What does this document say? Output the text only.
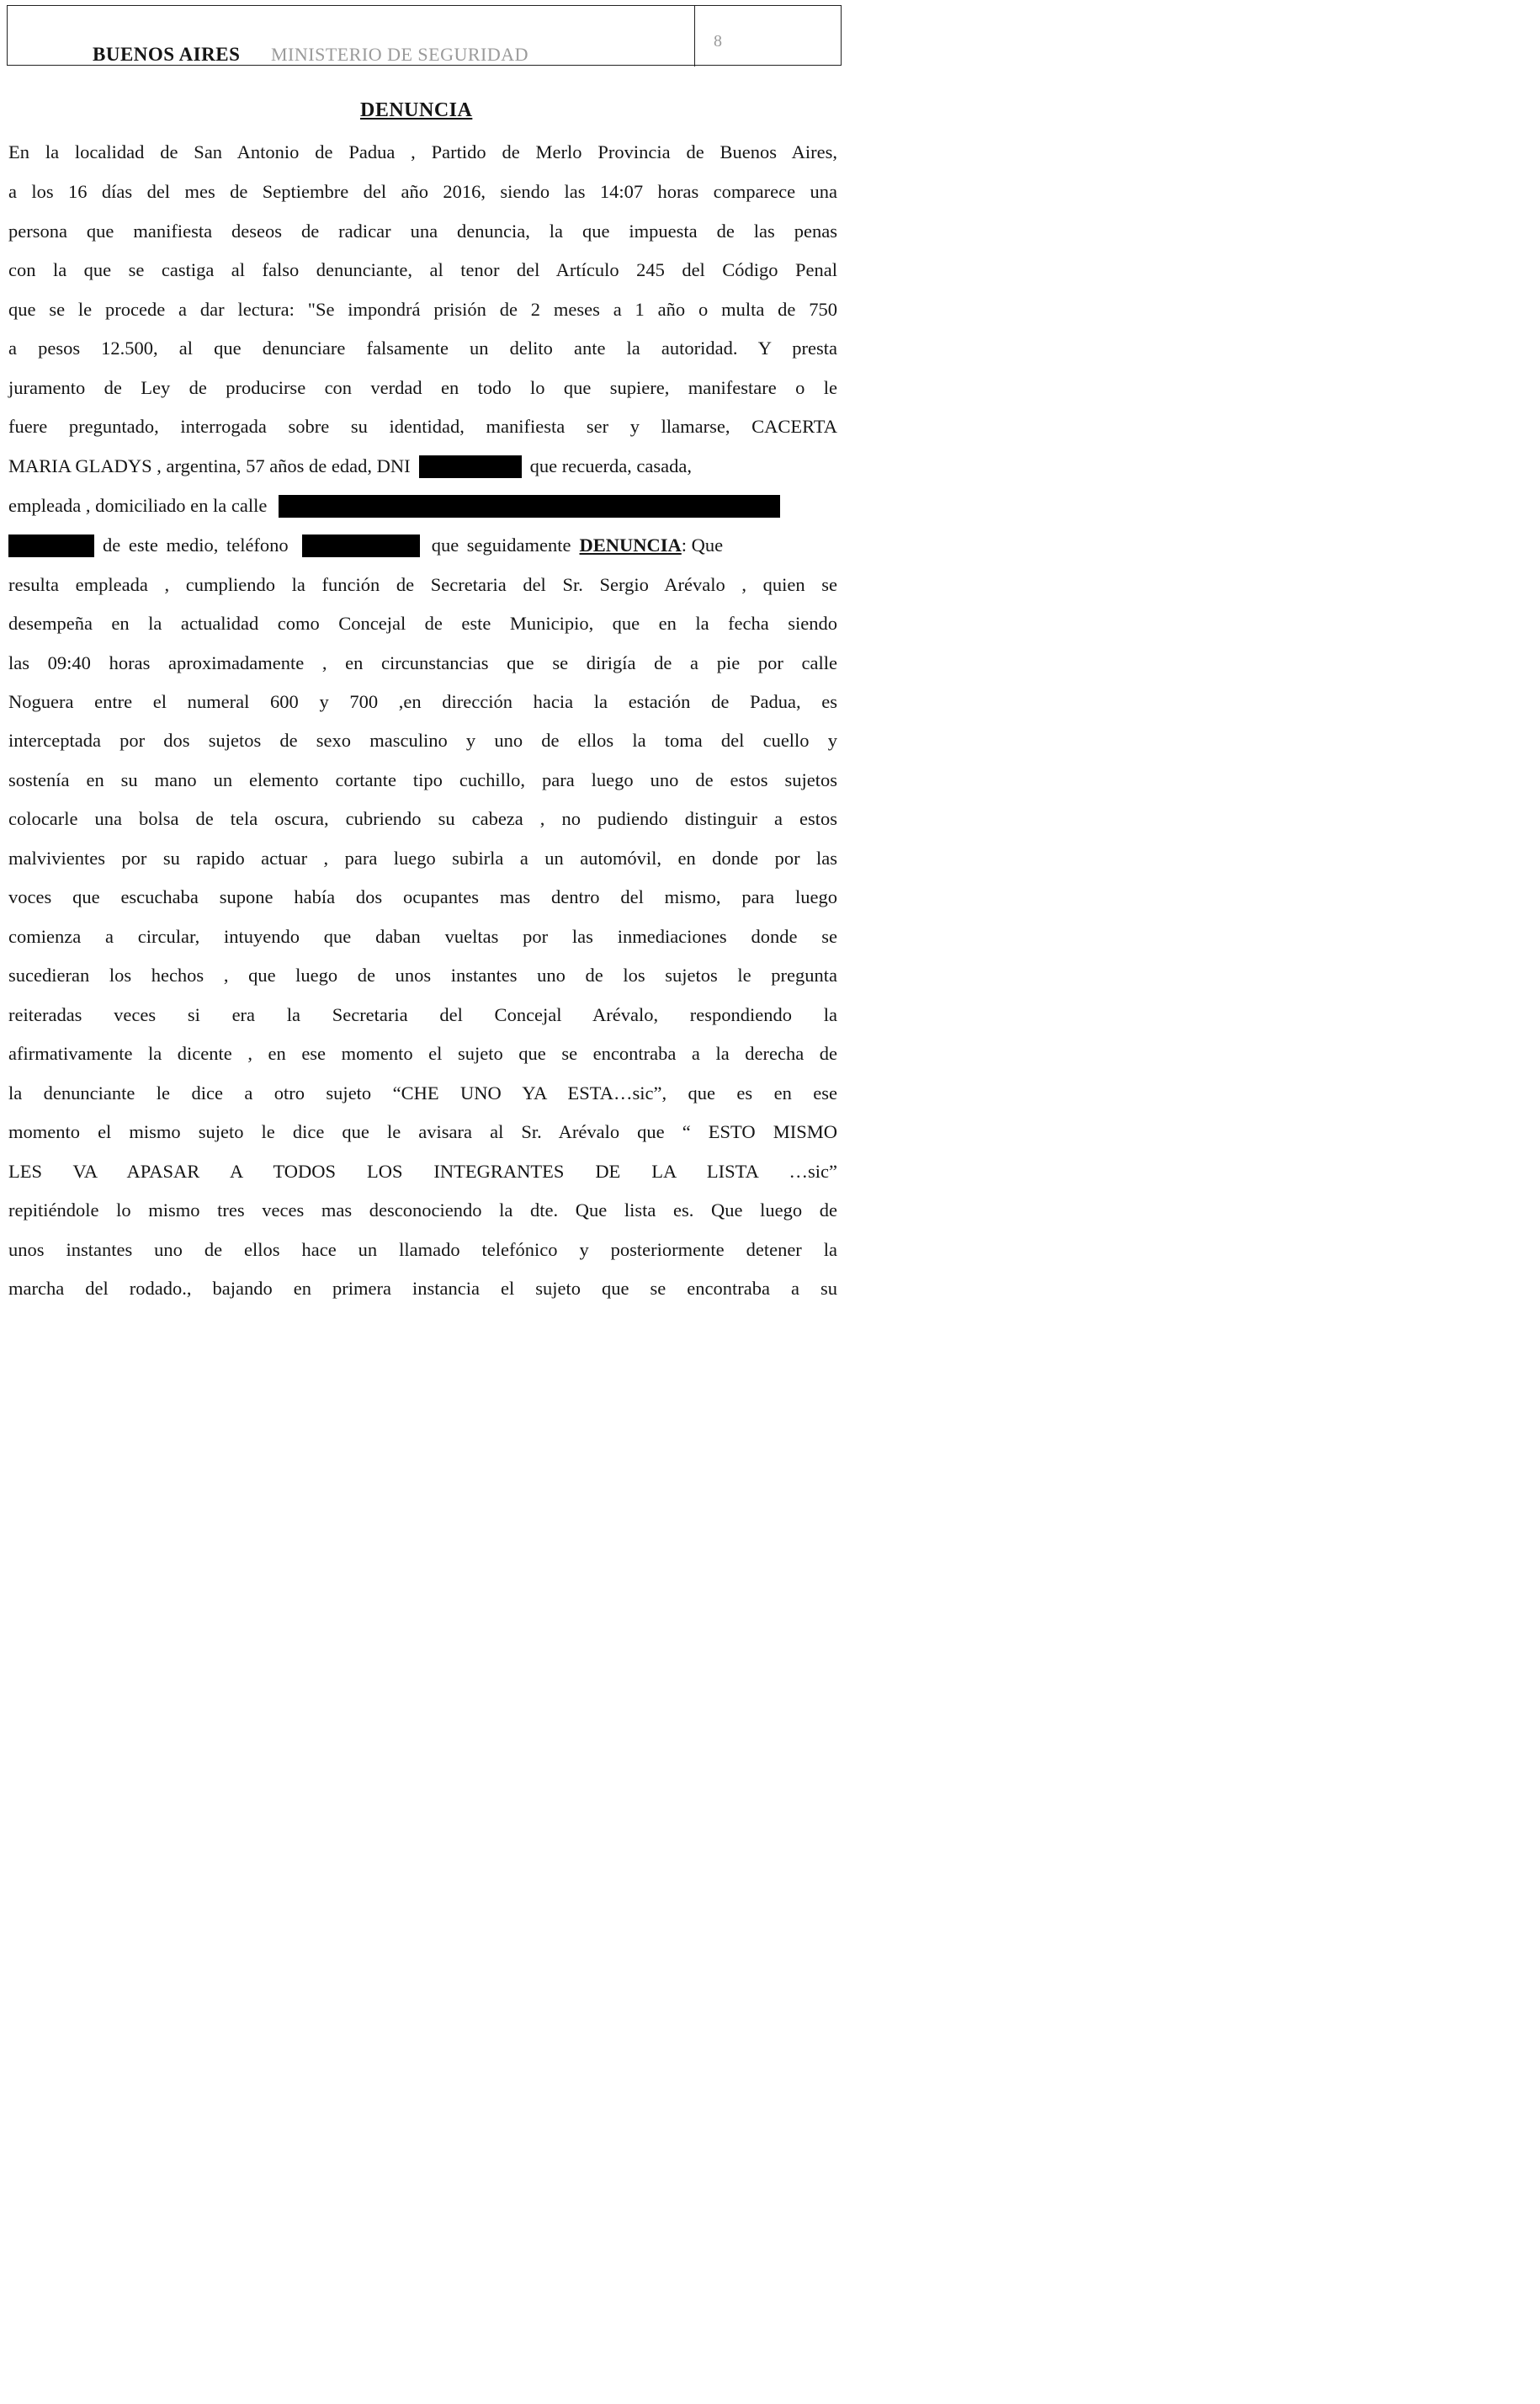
BUENOS AIRES MINISTERIO DE SEGURIDAD
8
DENUNCIA
En la localidad de San Antonio de Padua , Partido de Merlo Provincia de Buenos Aires,
a los 16 días del mes de Septiembre del año 2016, siendo las 14:07 horas comparece una
persona que manifiesta deseos de radicar una denuncia, la que impuesta de las penas
con la que se castiga al falso denunciante, al tenor del Artículo 245 del Código Penal
que se le procede a dar lectura: "Se impondrá prisión de 2 meses a 1 año o multa de 750
a pesos 12.500, al que denunciare falsamente un delito ante la autoridad. Y presta
juramento de Ley de producirse con verdad en todo lo que supiere, manifestare o le
fuere preguntado, interrogada sobre su identidad, manifiesta ser y llamarse, CACERTA
MARIA GLADYS , argentina, 57 años de edad, DNI	que recuerda, casada,
empleada , domiciliado en la calle
de este medio, teléfono	que seguidamente DENUNCIA : Que
resulta empleada , cumpliendo la función de Secretaria del Sr. Sergio Arévalo , quien se
desempeña en la actualidad como Concejal de este Municipio, que en la fecha siendo
las 09:40 horas aproximadamente , en circunstancias que se dirigía de a pie por calle
Noguera entre el numeral 600 y 700 ,en dirección hacia la estación de Padua, es
interceptada por dos sujetos de sexo masculino y uno de ellos la toma del cuello y
sostenía en su mano un elemento cortante tipo cuchillo, para luego uno de estos sujetos
colocarle una bolsa de tela oscura, cubriendo su cabeza , no pudiendo distinguir a estos
malvivientes por su rapido actuar , para luego subirla a un automóvil, en donde por las
voces que escuchaba supone había dos ocupantes mas dentro del mismo, para luego
comienza a circular, intuyendo que daban vueltas por las inmediaciones donde se
sucedieran los hechos , que luego de unos instantes uno de los sujetos le pregunta
reiteradas veces si era la Secretaria del Concejal Arévalo, respondiendo la
afirmativamente la dicente , en ese momento el sujeto que se encontraba a la derecha de
la denunciante le dice a otro sujeto “CHE UNO YA ESTA…sic”, que es en ese
momento el mismo sujeto le dice que le avisara al Sr. Arévalo que “ ESTO MISMO
LES VA APASAR A TODOS LOS INTEGRANTES DE LA LISTA …sic”
repitiéndole lo mismo tres veces mas desconociendo la dte. Que lista es. Que luego de
unos instantes uno de ellos hace un llamado telefónico y posteriormente detener la
marcha del rodado., bajando en primera instancia el sujeto que se encontraba a su
